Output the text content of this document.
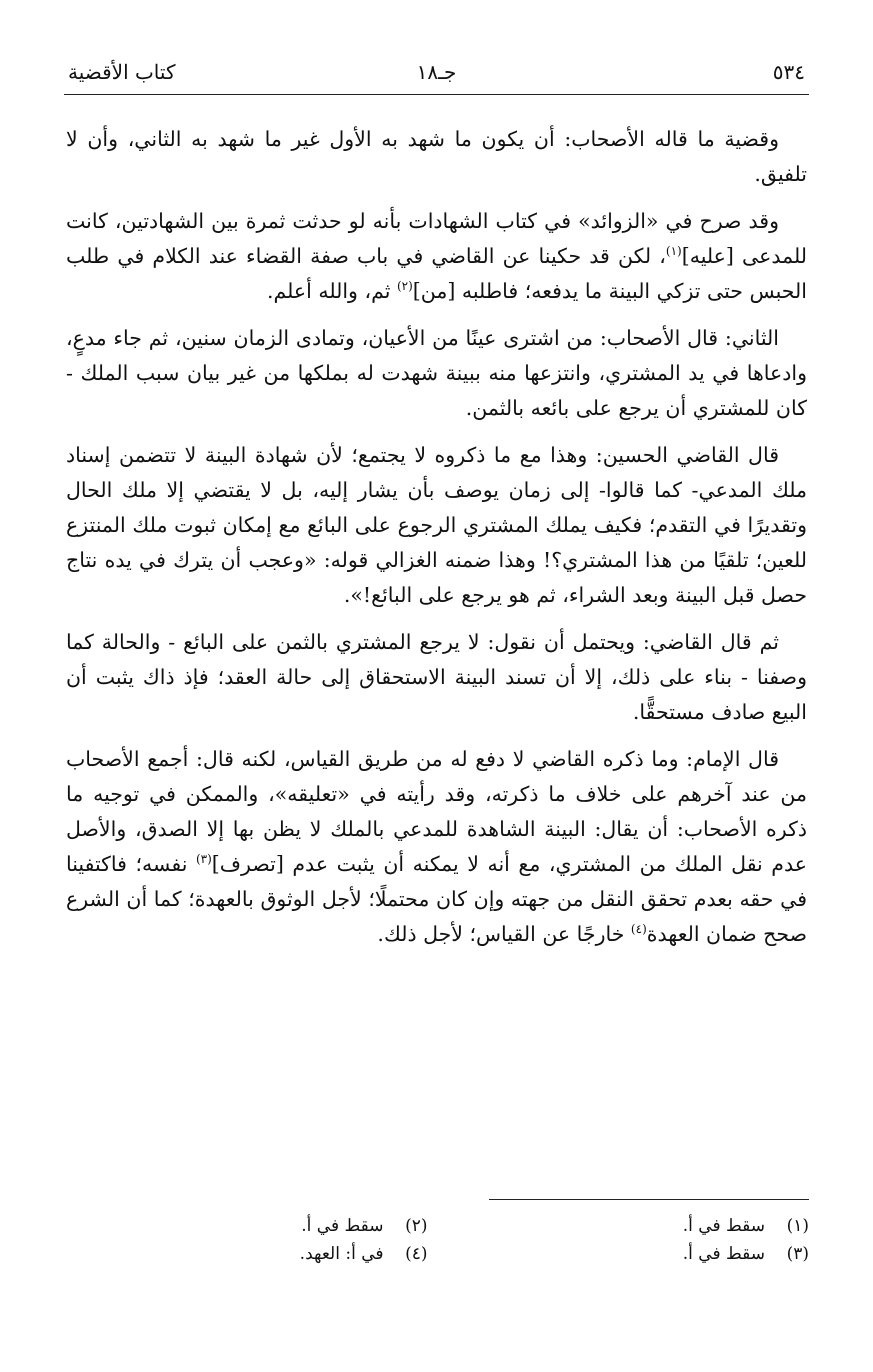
٥٣٤
جـ١٨
كتاب الأقضية

وقضية ما قاله الأصحاب: أن يكون ما شهد به الأول غير ما شهد به الثاني، وأن لا تلفيق.

وقد صرح في «الزوائد» في كتاب الشهادات بأنه لو حدثت ثمرة بين الشهادتين، كانت للمدعى [عليه]$^{(١)}$، لكن قد حكينا عن القاضي في باب صفة القضاء عند الكلام في طلب الحبس حتى تزكي البينة ما يدفعه؛ فاطلبه [من]$^{(٢)}$ ثم، والله أعلم.

الثاني: قال الأصحاب: من اشترى عينًا من الأعيان، وتمادى الزمان سنين، ثم جاء مدعٍ، وادعاها في يد المشتري، وانتزعها منه ببينة شهدت له بملكها من غير بيان سبب الملك - كان للمشتري أن يرجع على بائعه بالثمن.

قال القاضي الحسين: وهذا مع ما ذكروه لا يجتمع؛ لأن شهادة البينة لا تتضمن إسناد ملك المدعي- كما قالوا- إلى زمان يوصف بأن يشار إليه، بل لا يقتضي إلا ملك الحال وتقديرًا في التقدم؛ فكيف يملك المشتري الرجوع على البائع مع إمكان ثبوت ملك المنتزع للعين؛ تلقيًا من هذا المشتري؟! وهذا ضمنه الغزالي قوله: «وعجب أن يترك في يده نتاج حصل قبل البينة وبعد الشراء، ثم هو يرجع على البائع!».

ثم قال القاضي: ويحتمل أن نقول: لا يرجع المشتري بالثمن على البائع - والحالة كما وصفنا - بناء على ذلك، إلا أن تسند البينة الاستحقاق إلى حالة العقد؛ فإذ ذاك يثبت أن البيع صادف مستحقًّا.

قال الإمام: وما ذكره القاضي لا دفع له من طريق القياس، لكنه قال: أجمع الأصحاب من عند آخرهم على خلاف ما ذكرته، وقد رأيته في «تعليقه»، والممكن في توجيه ما ذكره الأصحاب: أن يقال: البينة الشاهدة للمدعي بالملك لا يظن بها إلا الصدق، والأصل عدم نقل الملك من المشتري، مع أنه لا يمكنه أن يثبت عدم [تصرف]$^{(٣)}$ نفسه؛ فاكتفينا في حقه بعدم تحقق النقل من جهته وإن كان محتملًا؛ لأجل الوثوق بالعهدة؛ كما أن الشرع صحح ضمان العهدة$^{(٤)}$ خارجًا عن القياس؛ لأجل ذلك.

(١)سقط في أ.
(٢)سقط في أ.
(٣)سقط في أ.
(٤)في أ: العهد.
